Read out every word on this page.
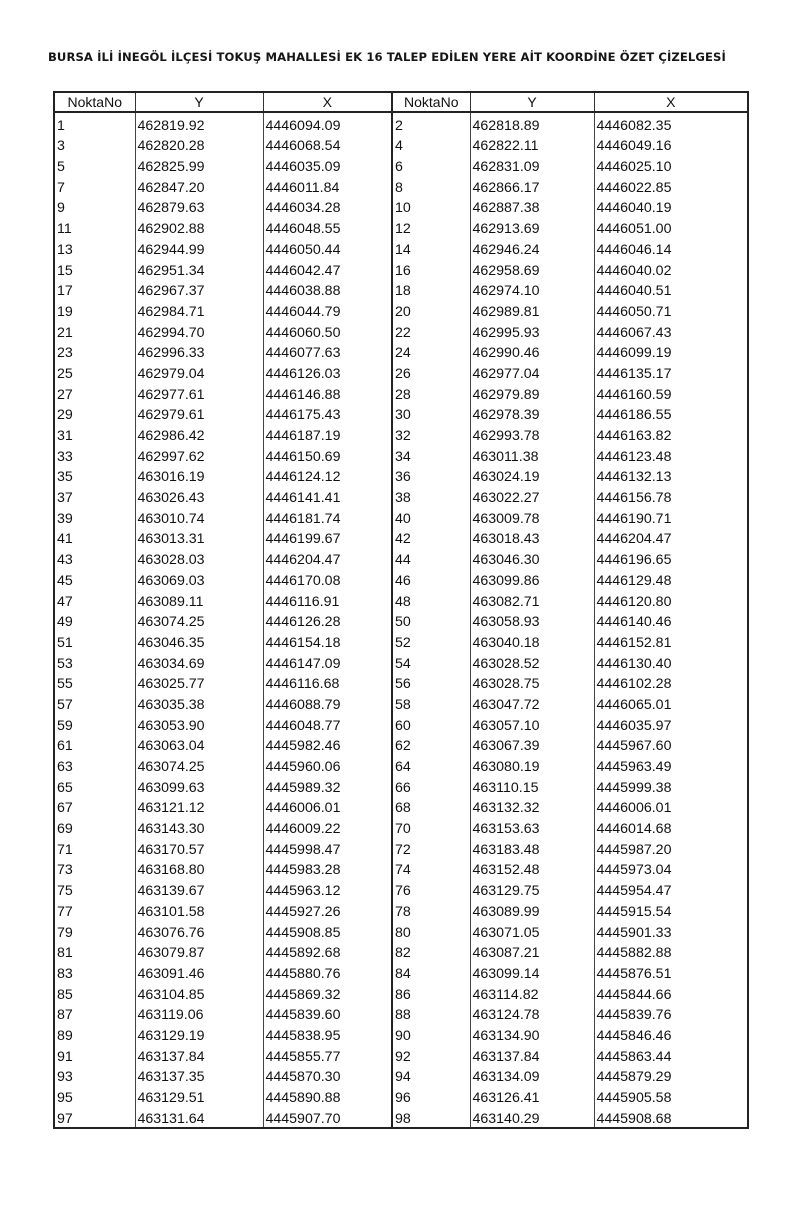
BURSA İLİ İNEGÖL İLÇESİ TOKUŞ MAHALLESİ EK 16 TALEP EDİLEN YERE AİT KOORDİNE ÖZET ÇİZELGESİ
NoktaNo	Y	X	NoktaNo	Y	X
1	462819.92	4446094.09	2	462818.89	4446082.35
3	462820.28	4446068.54	4	462822.11	4446049.16
5	462825.99	4446035.09	6	462831.09	4446025.10
7	462847.20	4446011.84	8	462866.17	4446022.85
9	462879.63	4446034.28	10	462887.38	4446040.19
11	462902.88	4446048.55	12	462913.69	4446051.00
13	462944.99	4446050.44	14	462946.24	4446046.14
15	462951.34	4446042.47	16	462958.69	4446040.02
17	462967.37	4446038.88	18	462974.10	4446040.51
19	462984.71	4446044.79	20	462989.81	4446050.71
21	462994.70	4446060.50	22	462995.93	4446067.43
23	462996.33	4446077.63	24	462990.46	4446099.19
25	462979.04	4446126.03	26	462977.04	4446135.17
27	462977.61	4446146.88	28	462979.89	4446160.59
29	462979.61	4446175.43	30	462978.39	4446186.55
31	462986.42	4446187.19	32	462993.78	4446163.82
33	462997.62	4446150.69	34	463011.38	4446123.48
35	463016.19	4446124.12	36	463024.19	4446132.13
37	463026.43	4446141.41	38	463022.27	4446156.78
39	463010.74	4446181.74	40	463009.78	4446190.71
41	463013.31	4446199.67	42	463018.43	4446204.47
43	463028.03	4446204.47	44	463046.30	4446196.65
45	463069.03	4446170.08	46	463099.86	4446129.48
47	463089.11	4446116.91	48	463082.71	4446120.80
49	463074.25	4446126.28	50	463058.93	4446140.46
51	463046.35	4446154.18	52	463040.18	4446152.81
53	463034.69	4446147.09	54	463028.52	4446130.40
55	463025.77	4446116.68	56	463028.75	4446102.28
57	463035.38	4446088.79	58	463047.72	4446065.01
59	463053.90	4446048.77	60	463057.10	4446035.97
61	463063.04	4445982.46	62	463067.39	4445967.60
63	463074.25	4445960.06	64	463080.19	4445963.49
65	463099.63	4445989.32	66	463110.15	4445999.38
67	463121.12	4446006.01	68	463132.32	4446006.01
69	463143.30	4446009.22	70	463153.63	4446014.68
71	463170.57	4445998.47	72	463183.48	4445987.20
73	463168.80	4445983.28	74	463152.48	4445973.04
75	463139.67	4445963.12	76	463129.75	4445954.47
77	463101.58	4445927.26	78	463089.99	4445915.54
79	463076.76	4445908.85	80	463071.05	4445901.33
81	463079.87	4445892.68	82	463087.21	4445882.88
83	463091.46	4445880.76	84	463099.14	4445876.51
85	463104.85	4445869.32	86	463114.82	4445844.66
87	463119.06	4445839.60	88	463124.78	4445839.76
89	463129.19	4445838.95	90	463134.90	4445846.46
91	463137.84	4445855.77	92	463137.84	4445863.44
93	463137.35	4445870.30	94	463134.09	4445879.29
95	463129.51	4445890.88	96	463126.41	4445905.58
97	463131.64	4445907.70	98	463140.29	4445908.68
